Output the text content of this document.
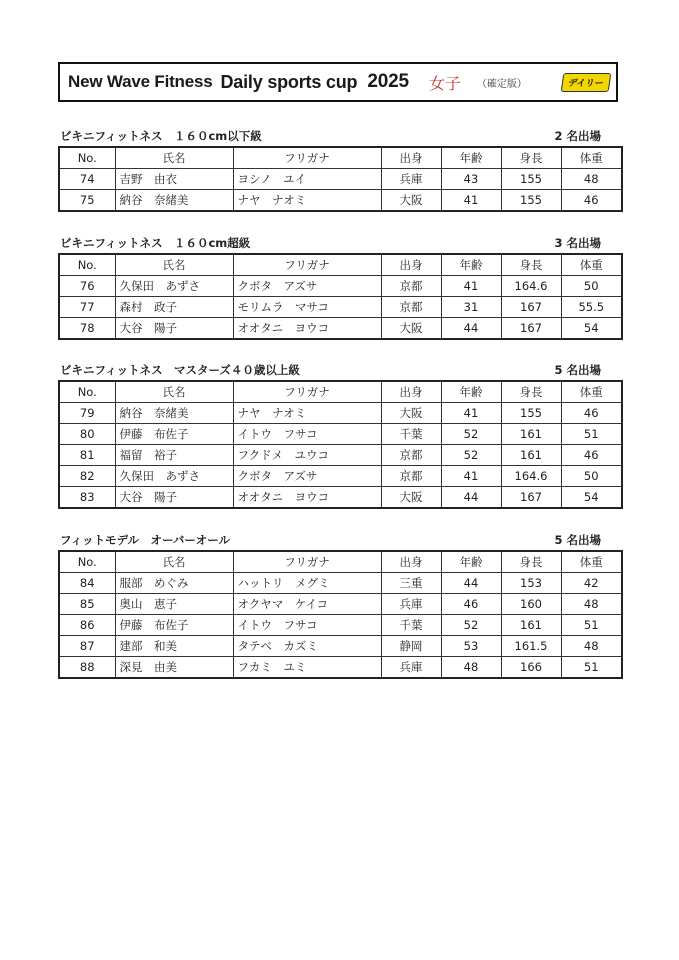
New Wave Fitness Daily sports cup 2025 女子 （確定版）	デイリー
ビキニフィットネス　１６０cm以下級	2 名出場
No.	氏名	フリガナ	出身	年齢	身長	体重
74	吉野　由衣	ヨシノ　ユイ	兵庫	43	155	48
75	納谷　奈緒美	ナヤ　ナオミ	大阪	41	155	46
ビキニフィットネス　１６０cm超級	3 名出場
No.	氏名	フリガナ	出身	年齢	身長	体重
76	久保田　あずさ	クボタ　アズサ	京都	41	164.6	50
77	森村　政子	モリムラ　マサコ	京都	31	167	55.5
78	大谷　陽子	オオタニ　ヨウコ	大阪	44	167	54
ビキニフィットネス　マスターズ４０歳以上級	5 名出場
No.	氏名	フリガナ	出身	年齢	身長	体重
79	納谷　奈緒美	ナヤ　ナオミ	大阪	41	155	46
80	伊藤　布佐子	イトウ　フサコ	千葉	52	161	51
81	福留　裕子	フクドメ　ユウコ	京都	52	161	46
82	久保田　あずさ	クボタ　アズサ	京都	41	164.6	50
83	大谷　陽子	オオタニ　ヨウコ	大阪	44	167	54
フィットモデル　オーバーオール	5 名出場
No.	氏名	フリガナ	出身	年齢	身長	体重
84	服部　めぐみ	ハットリ　メグミ	三重	44	153	42
85	奥山　恵子	オクヤマ　ケイコ	兵庫	46	160	48
86	伊藤　布佐子	イトウ　フサコ	千葉	52	161	51
87	建部　和美	タテベ　カズミ	静岡	53	161.5	48
88	深見　由美	フカミ　ユミ	兵庫	48	166	51
